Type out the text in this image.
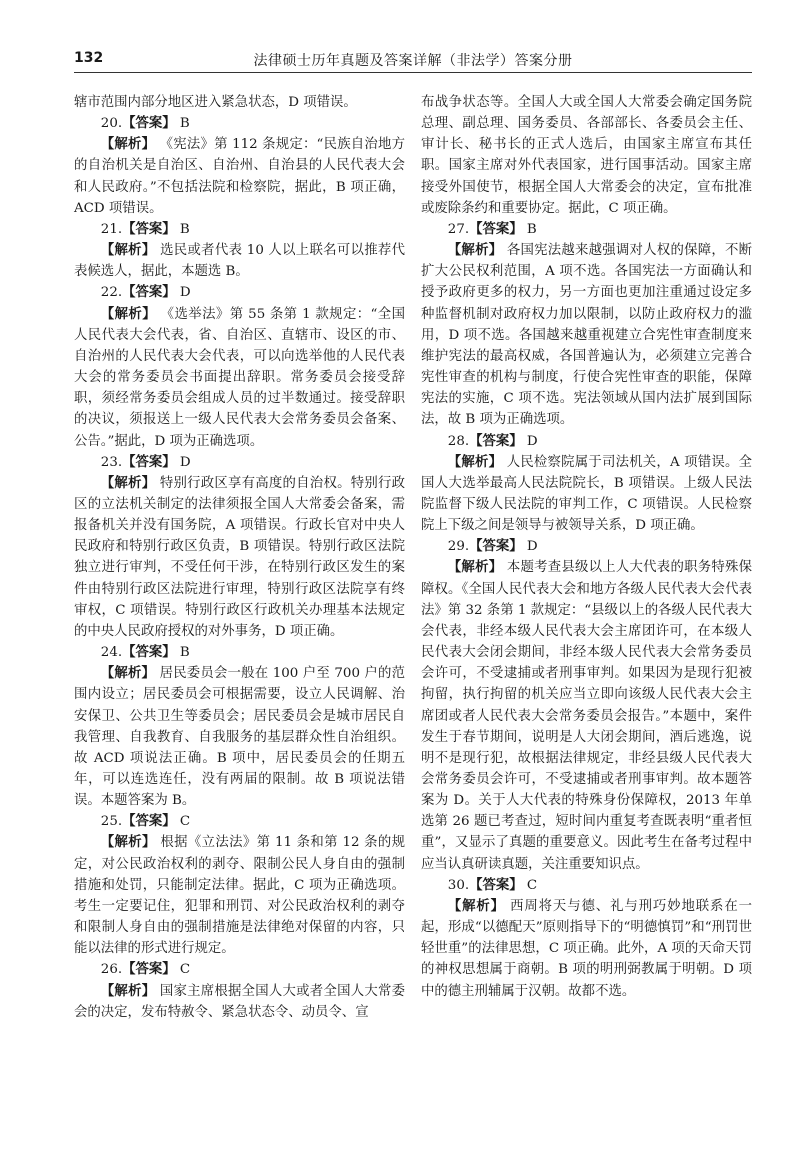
132	法律硕士历年真题及答案详解（非法学）答案分册

辖市范围内部分地区进入紧急状态，D 项错误。

20.【答案】 B

【解析】 《宪法》第 112 条规定：“民族自治地方的自治机关是自治区、自治州、自治县的人民代表大会和人民政府。”不包括法院和检察院，据此，B 项正确，ACD 项错误。

21.【答案】 B

【解析】 选民或者代表 10 人以上联名可以推荐代表候选人，据此，本题选 B。

22.【答案】 D

【解析】 《选举法》第 55 条第 1 款规定：“全国人民代表大会代表，省、自治区、直辖市、设区的市、自治州的人民代表大会代表，可以向选举他的人民代表大会的常务委员会书面提出辞职。常务委员会接受辞职，须经常务委员会组成人员的过半数通过。接受辞职的决议，须报送上一级人民代表大会常务委员会备案、公告。”据此，D 项为正确选项。

23.【答案】 D

【解析】 特别行政区享有高度的自治权。特别行政区的立法机关制定的法律须报全国人大常委会备案，需报备机关并没有国务院，A 项错误。行政长官对中央人民政府和特别行政区负责，B 项错误。特别行政区法院独立进行审判，不受任何干涉，在特别行政区发生的案件由特别行政区法院进行审理，特别行政区法院享有终审权，C 项错误。特别行政区行政机关办理基本法规定的中央人民政府授权的对外事务，D 项正确。

24.【答案】 B

【解析】 居民委员会一般在 100 户至 700 户的范围内设立；居民委员会可根据需要，设立人民调解、治安保卫、公共卫生等委员会；居民委员会是城市居民自我管理、自我教育、自我服务的基层群众性自治组织。故 ACD 项说法正确。B 项中，居民委员会的任期五年，可以连选连任，没有两届的限制。故 B 项说法错误。本题答案为 B。

25.【答案】 C

【解析】 根据《立法法》第 11 条和第 12 条的规定，对公民政治权利的剥夺、限制公民人身自由的强制措施和处罚，只能制定法律。据此，C 项为正确选项。考生一定要记住，犯罪和刑罚、对公民政治权利的剥夺和限制人身自由的强制措施是法律绝对保留的内容，只能以法律的形式进行规定。

26.【答案】 C

【解析】 国家主席根据全国人大或者全国人大常委会的决定，发布特赦令、紧急状态令、动员令、宣

布战争状态等。全国人大或全国人大常委会确定国务院总理、副总理、国务委员、各部部长、各委员会主任、审计长、秘书长的正式人选后，由国家主席宣布其任职。国家主席对外代表国家，进行国事活动。国家主席接受外国使节，根据全国人大常委会的决定，宣布批准或废除条约和重要协定。据此，C 项正确。

27.【答案】 B

【解析】 各国宪法越来越强调对人权的保障，不断扩大公民权利范围，A 项不选。各国宪法一方面确认和授予政府更多的权力，另一方面也更加注重通过设定多种监督机制对政府权力加以限制，以防止政府权力的滥用，D 项不选。各国越来越重视建立合宪性审查制度来维护宪法的最高权威，各国普遍认为，必须建立完善合宪性审查的机构与制度，行使合宪性审查的职能，保障宪法的实施，C 项不选。宪法领域从国内法扩展到国际法，故 B 项为正确选项。

28.【答案】 D

【解析】 人民检察院属于司法机关，A 项错误。全国人大选举最高人民法院院长，B 项错误。上级人民法院监督下级人民法院的审判工作，C 项错误。人民检察院上下级之间是领导与被领导关系，D 项正确。

29.【答案】 D

【解析】 本题考查县级以上人大代表的职务特殊保障权。《全国人民代表大会和地方各级人民代表大会代表法》第 32 条第 1 款规定：“县级以上的各级人民代表大会代表，非经本级人民代表大会主席团许可，在本级人民代表大会闭会期间，非经本级人民代表大会常务委员会许可，不受逮捕或者刑事审判。如果因为是现行犯被拘留，执行拘留的机关应当立即向该级人民代表大会主席团或者人民代表大会常务委员会报告。”本题中，案件发生于春节期间，说明是人大闭会期间，酒后逃逸，说明不是现行犯，故根据法律规定，非经县级人民代表大会常务委员会许可，不受逮捕或者刑事审判。故本题答案为 D。关于人大代表的特殊身份保障权，2013 年单选第 26 题已考查过，短时间内重复考查既表明“重者恒重”，又显示了真题的重要意义。因此考生在备考过程中应当认真研读真题，关注重要知识点。

30.【答案】 C

【解析】 西周将天与德、礼与刑巧妙地联系在一起，形成“以德配天”原则指导下的“明德慎罚”和“刑罚世轻世重”的法律思想，C 项正确。此外，A 项的天命天罚的神权思想属于商朝。B 项的明刑弼教属于明朝。D 项中的德主刑辅属于汉朝。故都不选。
